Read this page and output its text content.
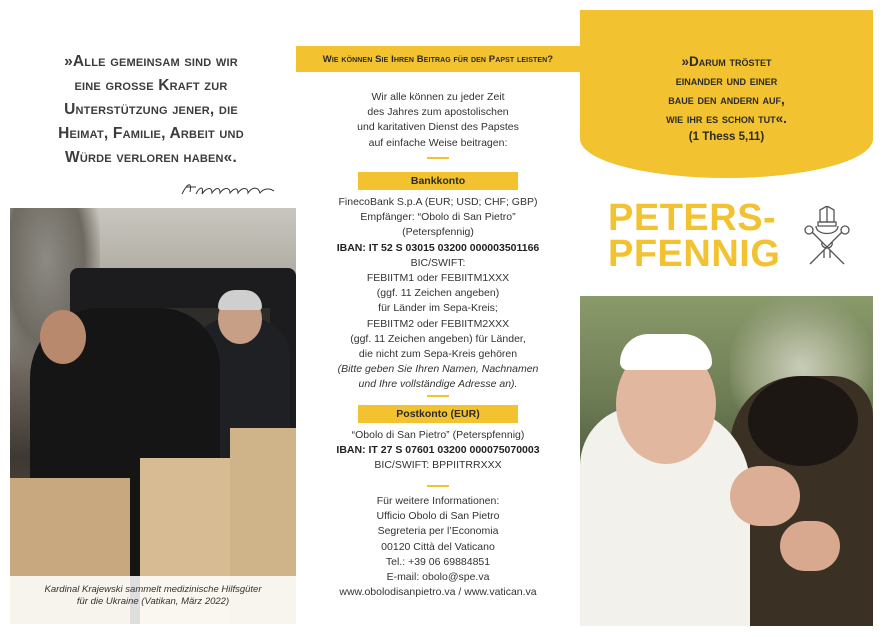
»Alle gemeinsam sind wir
eine grosse Kraft zur
Unterstützung jener, die
Heimat, Familie, Arbeit und
Würde verloren haben«.
Kardinal Krajewski sammelt medizinische Hilfsgüter
für die Ukraine (Vatikan, März 2022)
Wie können Sie Ihren Beitrag für den Papst leisten?
Wir alle können zu jeder Zeit
des Jahres zum apostolischen
und karitativen Dienst des Papstes
auf einfache Weise beitragen:
Bankkonto
FinecoBank S.p.A (EUR; USD; CHF; GBP)
Empfänger: “Obolo di San Pietro”
(Peterspfennig)
IBAN: IT 52 S 03015 03200 000003501166
BIC/SWIFT:
FEBIITM1 oder FEBIITM1XXX
(ggf. 11 Zeichen angeben)
für Länder im Sepa-Kreis;
FEBIITM2 oder FEBIITM2XXX
(ggf. 11 Zeichen angeben) für Länder,
die nicht zum Sepa-Kreis gehören
(Bitte geben Sie Ihren Namen, Nachnamen
und Ihre vollständige Adresse an).
Postkonto (EUR)
“Obolo di San Pietro” (Peterspfennig)
IBAN: IT 27 S 07601 03200 000075070003
BIC/SWIFT: BPPIITRRXXX
Für weitere Informationen:
Ufficio Obolo di San Pietro
Segreteria per l’Economia
00120 Città del Vaticano
Tel.: +39 06 69884851
E-mail: obolo@spe.va
www.obolodisanpietro.va / www.vatican.va
»Darum tröstet
einander und einer
baue den andern auf,
wie ihr es schon tut«.
(1 Thess 5,11)
PETERS-
PFENNIG
